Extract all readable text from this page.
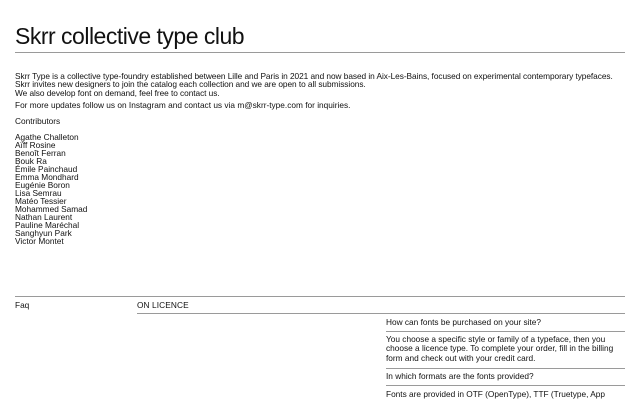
Skrr collective type club

Skrr Type is a collective type-foundry established between Lille and Paris in 2021 and now based in Aix-Les-Bains, focused on experimental contemporary typefaces.

Skrr invites new designers to join the catalog each collection and we are open to all submissions.

We also develop font on demand, feel free to contact us.

For more updates follow us on Instagram and contact us via m@skrr-type.com for inquiries.

Contributors

Agathe Challeton
Aïff Rosine
Benoît Ferran
Bouk Ra
Émile Painchaud
Emma Mondhard
Eugénie Boron
Lisa Semrau
Matéo Tessier
Mohammed Samad
Nathan Laurent
Pauline Maréchal
Sanghyun Park
Victor Montet
Faq	ON LICENCE
How can fonts be purchased on your site?
You choose a specific style or family of a typeface, then you
choose a licence type. To complete your order, fill in the billing
form and check out with your credit card.
In which formats are the fonts provided?
Fonts are provided in OTF (OpenType), TTF (Truetype, App
